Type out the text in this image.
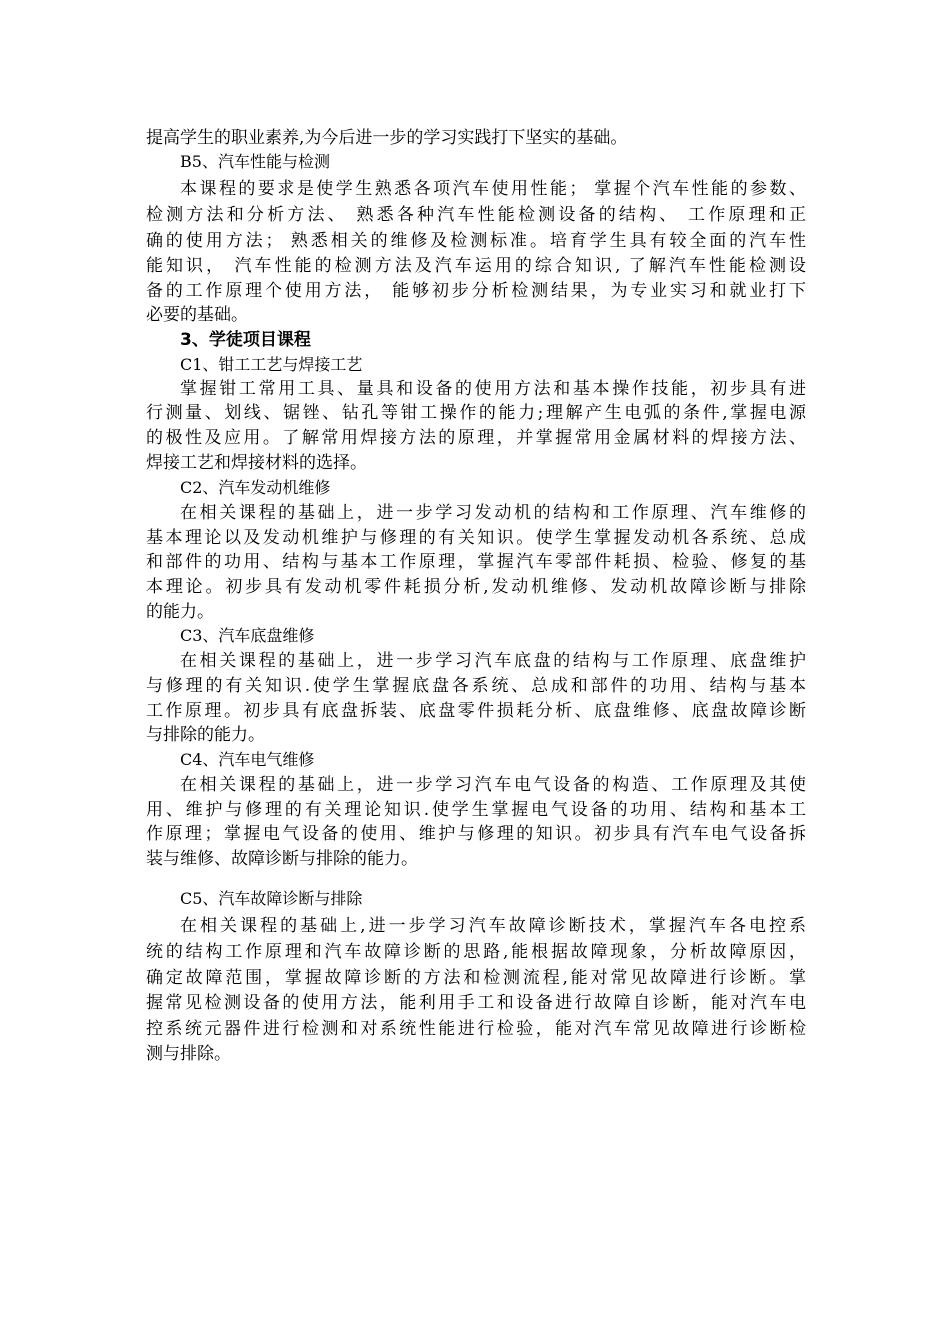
提高学生的职业素养,为今后进一步的学习实践打下坚实的基础。
B5、汽车性能与检测
本课程的要求是使学生熟悉各项汽车使用性能； 掌握个汽车性能的参数、
检测方法和分析方法、 熟悉各种汽车性能检测设备的结构、 工作原理和正
确的使用方法； 熟悉相关的维修及检测标准。培育学生具有较全面的汽车性
能知识， 汽车性能的检测方法及汽车运用的综合知识, 了解汽车性能检测设
备的工作原理个使用方法， 能够初步分析检测结果，为专业实习和就业打下
必要的基础。
3、学徒项目课程
C1、钳工工艺与焊接工艺
掌握钳工常用工具、量具和设备的使用方法和基本操作技能，初步具有进
行测量、划线、锯锉、钻孔等钳工操作的能力;理解产生电弧的条件,掌握电源
的极性及应用。了解常用焊接方法的原理，并掌握常用金属材料的焊接方法、
焊接工艺和焊接材料的选择。
C2、汽车发动机维修
在相关课程的基础上，进一步学习发动机的结构和工作原理、汽车维修的
基本理论以及发动机维护与修理的有关知识。使学生掌握发动机各系统、总成
和部件的功用、结构与基本工作原理，掌握汽车零部件耗损、检验、修复的基
本理论。初步具有发动机零件耗损分析,发动机维修、发动机故障诊断与排除
的能力。
C3、汽车底盘维修
在相关课程的基础上，进一步学习汽车底盘的结构与工作原理、底盘维护
与修理的有关知识.使学生掌握底盘各系统、总成和部件的功用、结构与基本
工作原理。初步具有底盘拆装、底盘零件损耗分析、底盘维修、底盘故障诊断
与排除的能力。
C4、汽车电气维修
在相关课程的基础上，进一步学习汽车电气设备的构造、工作原理及其使
用、维护与修理的有关理论知识.使学生掌握电气设备的功用、结构和基本工
作原理；掌握电气设备的使用、维护与修理的知识。初步具有汽车电气设备拆
装与维修、故障诊断与排除的能力。
C5、汽车故障诊断与排除
在相关课程的基础上,进一步学习汽车故障诊断技术，掌握汽车各电控系
统的结构工作原理和汽车故障诊断的思路,能根据故障现象，分析故障原因，
确定故障范围，掌握故障诊断的方法和检测流程,能对常见故障进行诊断。掌
握常见检测设备的使用方法，能利用手工和设备进行故障自诊断，能对汽车电
控系统元器件进行检测和对系统性能进行检验，能对汽车常见故障进行诊断检
测与排除。
